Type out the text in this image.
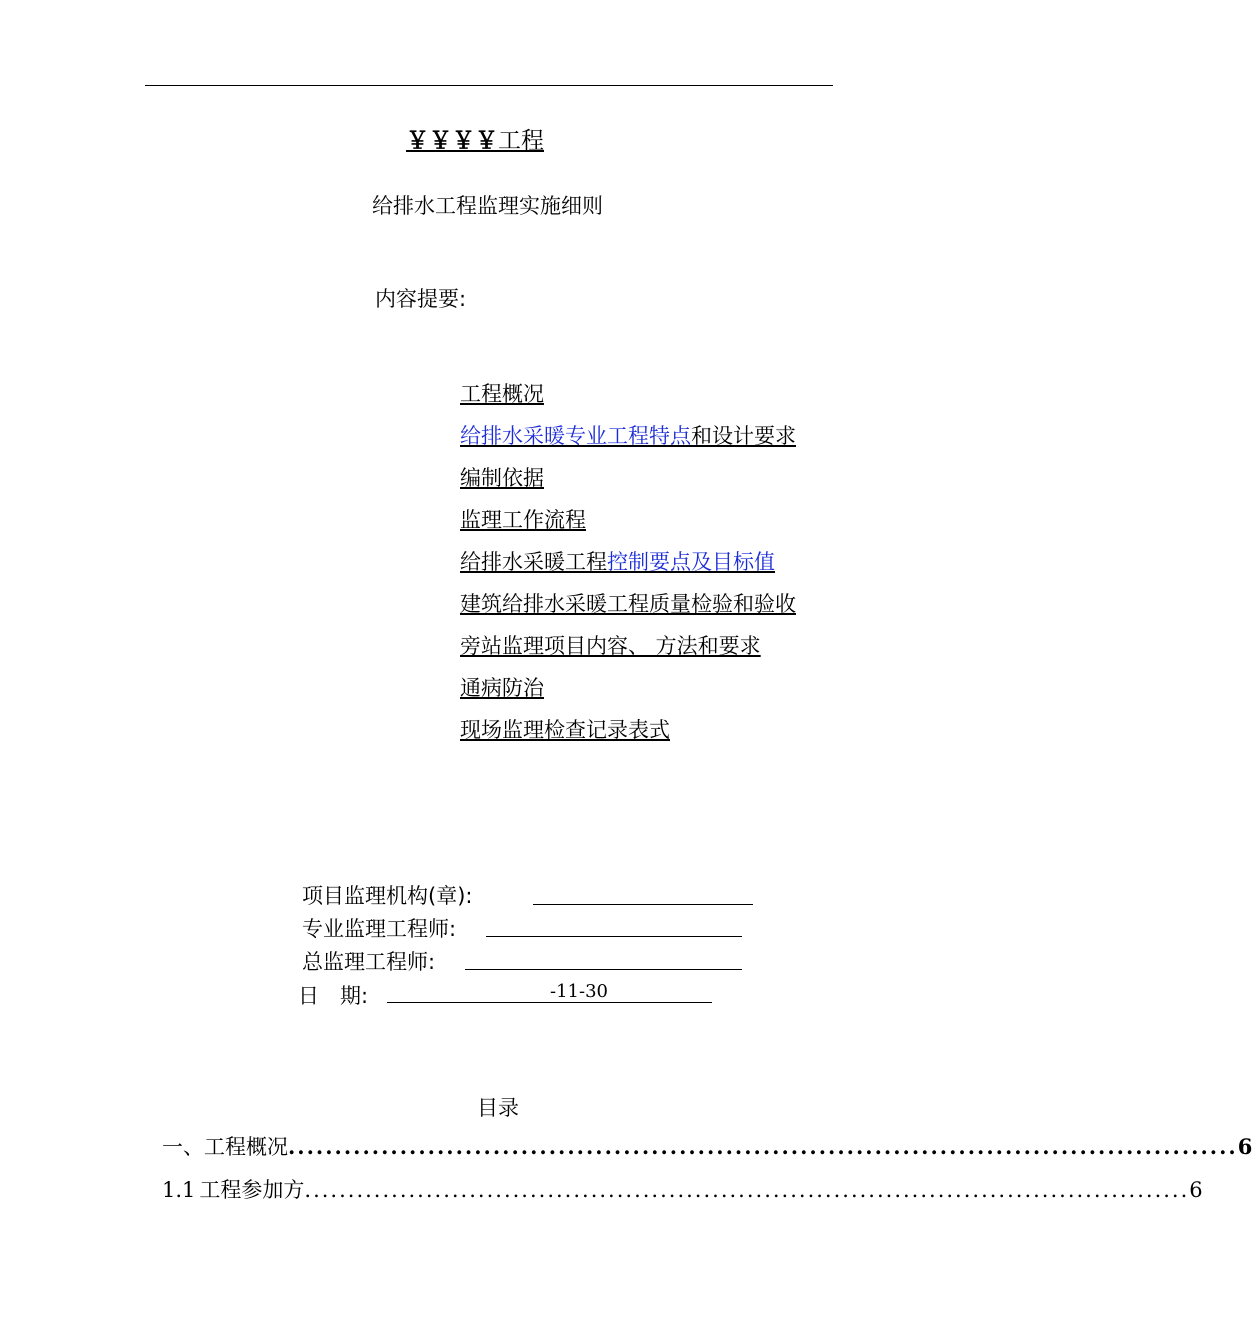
￥￥￥￥工程
给排水工程监理实施细则
内容提要:
工程概况
给排水采暖专业工程特点和设计要求
编制依据
监理工作流程
给排水采暖工程控制要点及目标值
建筑给排水采暖工程质量检验和验收
旁站监理项目内容、 方法和要求
通病防治
现场监理检查记录表式
项目监理机构(章):
专业监理工程师:
总监理工程师:
日　期:	-11-30
目录
一、 工程概况 ...................................................................................................... 6
1.1 工程参加方 ...................................................................................................... 6
